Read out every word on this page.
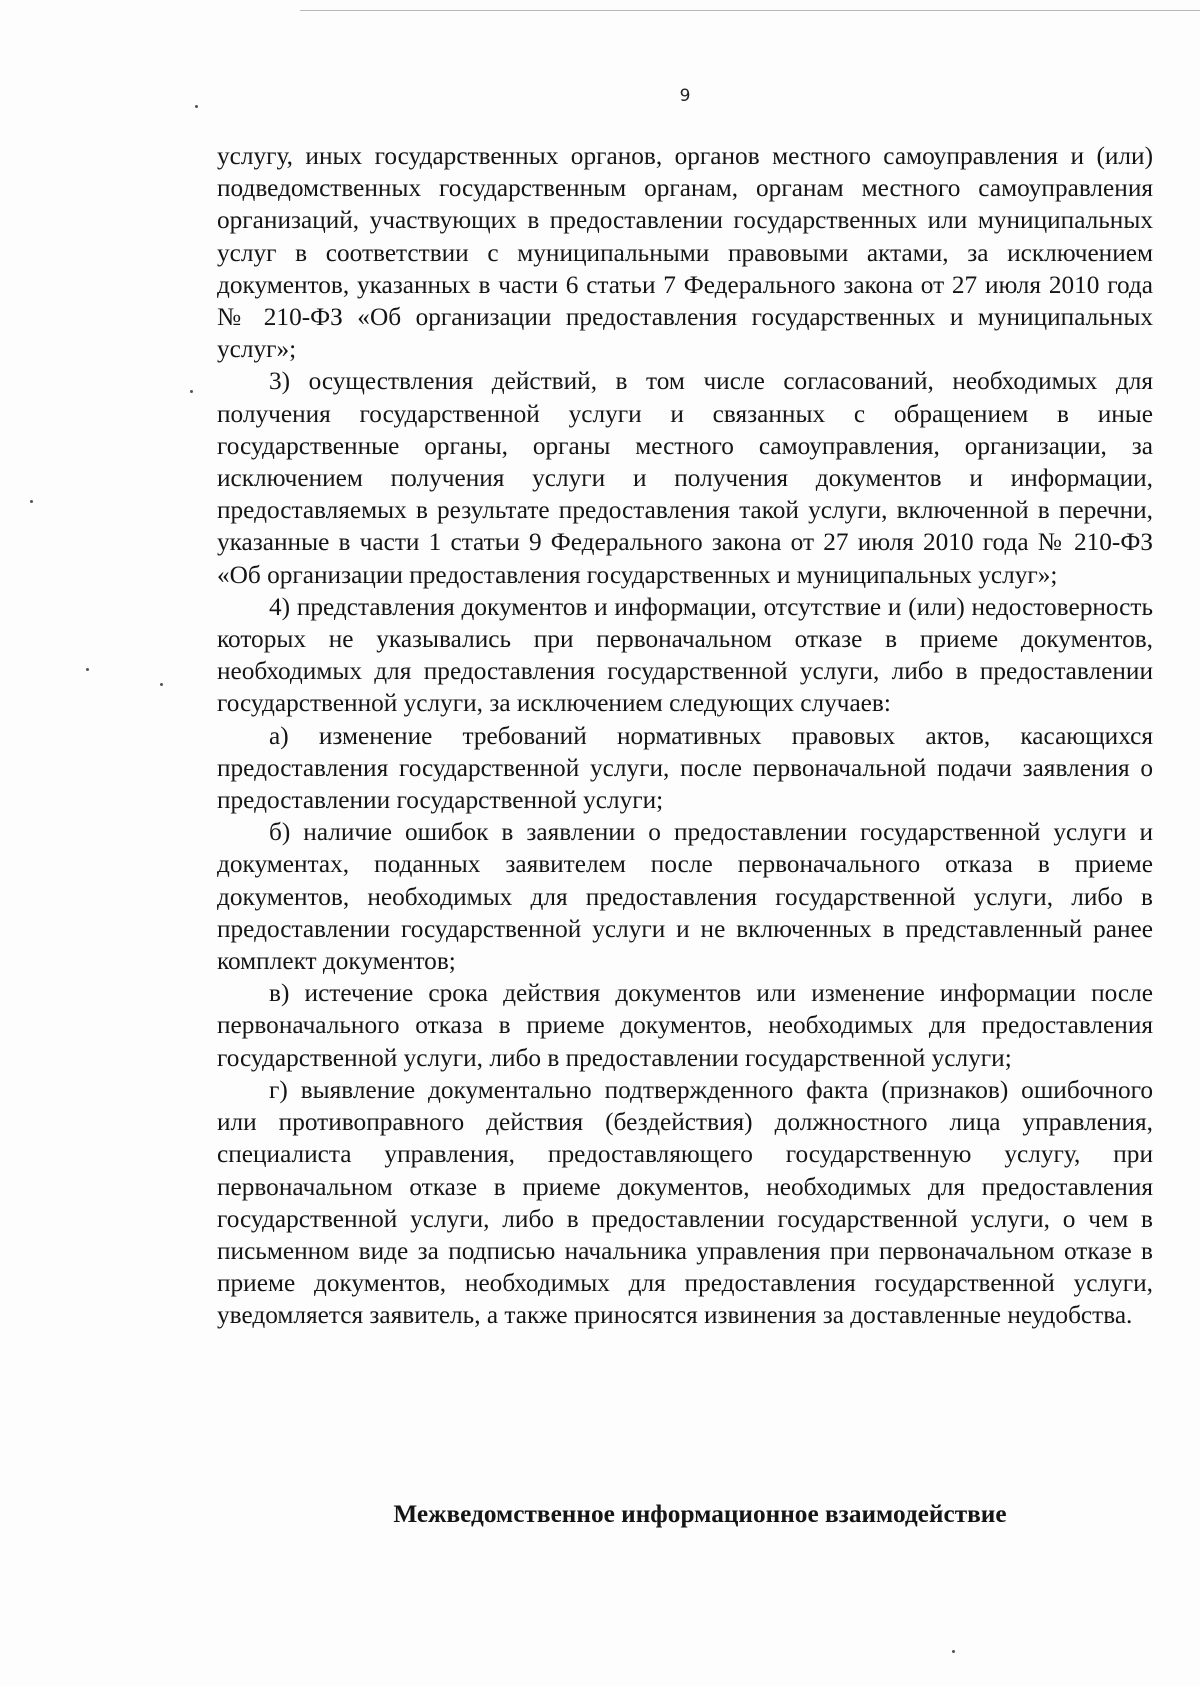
9

услугу, иных государственных органов, органов местного самоуправления и (или) подведомственных государственным органам, органам местного самоуправления организаций, участвующих в предоставлении государственных или муниципальных услуг в соответствии с муниципальными правовыми актами, за исключением документов, указанных в части 6 статьи 7 Федерального закона от 27 июля 2010 года № 210-ФЗ «Об организации предоставления государственных и муниципальных услуг»;

3) осуществления действий, в том числе согласований, необходимых для получения государственной услуги и связанных с обращением в иные государственные органы, органы местного самоуправления, организации, за исключением получения услуги и получения документов и информации, предоставляемых в результате предоставления такой услуги, включенной в перечни, указанные в части 1 статьи 9 Федерального закона от 27 июля 2010 года № 210-ФЗ «Об организации предоставления государственных и муниципальных услуг»;

4) представления документов и информации, отсутствие и (или) недостоверность которых не указывались при первоначальном отказе в приеме документов, необходимых для предоставления государственной услуги, либо в предоставлении государственной услуги, за исключением следующих случаев:

а) изменение требований нормативных правовых актов, касающихся предоставления государственной услуги, после первоначальной подачи заявления о предоставлении государственной услуги;

б) наличие ошибок в заявлении о предоставлении государственной услуги и документах, поданных заявителем после первоначального отказа в приеме документов, необходимых для предоставления государственной услуги, либо в предоставлении государственной услуги и не включенных в представленный ранее комплект документов;

в) истечение срока действия документов или изменение информации после первоначального отказа в приеме документов, необходимых для предоставления государственной услуги, либо в предоставлении государственной услуги;

г) выявление документально подтвержденного факта (признаков) ошибочного или противоправного действия (бездействия) должностного лица управления, специалиста управления, предоставляющего государственную услугу, при первоначальном отказе в приеме документов, необходимых для предоставления государственной услуги, либо в предоставлении государственной услуги, о чем в письменном виде за подписью начальника управления при первоначальном отказе в приеме документов, необходимых для предоставления государственной услуги, уведомляется заявитель, а также приносятся извинения за доставленные неудобства.

Межведомственное информационное взаимодействие
